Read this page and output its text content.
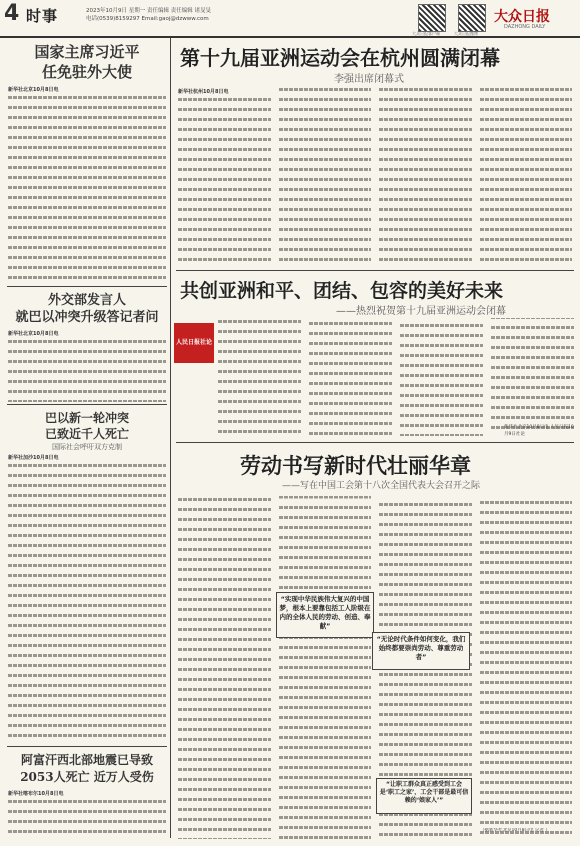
4 时事	2023年10月9日 星期一 责任编辑 责任编辑 诸旻旻
电话(0539)8159297 Email:gaoj@dzwww.com
大众日报客户端	大众日报微博
大众日报
DAZHONG DAILY
国家主席习近平
任免驻外大使
新华社北京10月8日电
外交部发言人
就巴以冲突升级答记者问
新华社北京10月8日电
巴以新一轮冲突
已致近千人死亡
国际社会呼吁双方克制
新华社加沙10月8日电
阿富汗西北部地震已导致
2053人死亡 近万人受伤
新华社喀布尔10月8日电
第十九届亚洲运动会在杭州圆满闭幕
李强出席闭幕式
新华社杭州10月8日电
共创亚洲和平、团结、包容的美好未来
——热烈祝贺第十九届亚洲运动会闭幕
人民日报社论
新华社北京10月8日电 人民日报10月9日社论
劳动书写新时代壮丽华章
——写在中国工会第十八次全国代表大会召开之际
“实现中华民族伟大复兴的中国梦，根本上要靠包括工人阶级在内的全体人民的劳动、创造、奉献”
“无论时代条件如何变化，我们始终都要崇尚劳动、尊重劳动者”
“让职工群众真正感受到工会是‘职工之家’，工会干部是最可信赖的‘娘家人’”
（据新华社北京10月8日电 记者 ）
